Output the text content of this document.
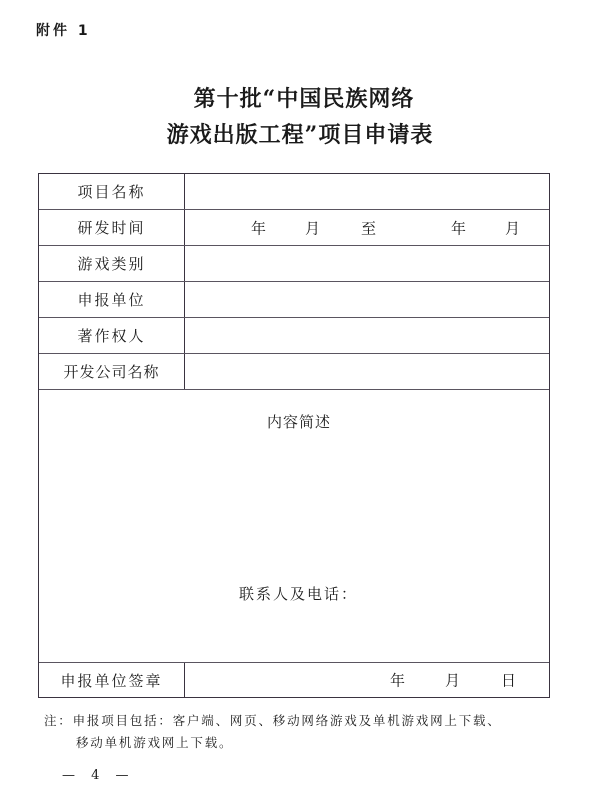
附件 1
第十批“中国民族网络
游戏出版工程”项目申请表
项目名称
研发时间	年	月	至	年	月
游戏类别
申报单位
著作权人
开发公司名称
内容简述
联系人及电话：
申报单位签章	年	月	日
注：申报项目包括：客户端、网页、移动网络游戏及单机游戏网上下载、
移动单机游戏网上下载。
— 4 —
